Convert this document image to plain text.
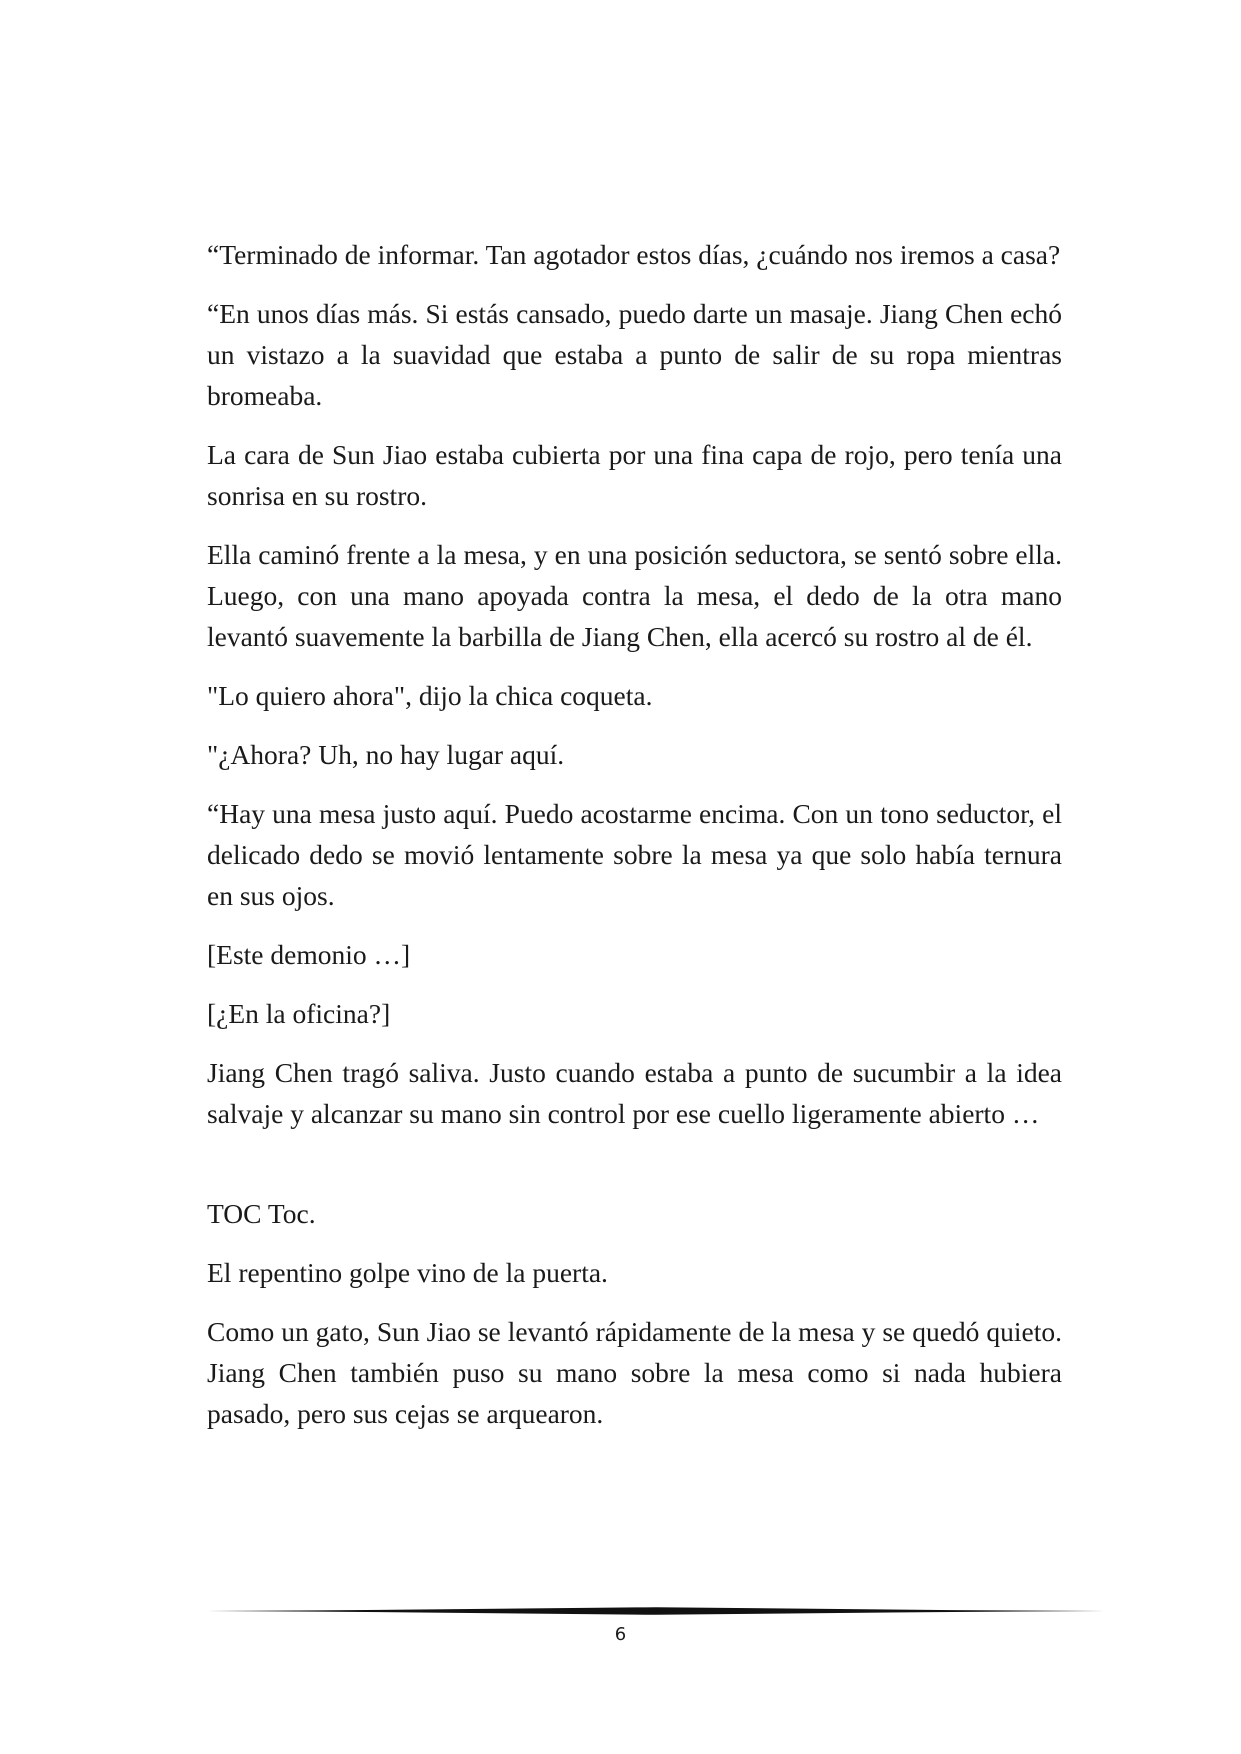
“Terminado de informar. Tan agotador estos días, ¿cuándo nos iremos a casa?

“En unos días más. Si estás cansado, puedo darte un masaje. Jiang Chen echó un vistazo a la suavidad que estaba a punto de salir de su ropa mientras bromeaba.

La cara de Sun Jiao estaba cubierta por una fina capa de rojo, pero tenía una sonrisa en su rostro.

Ella caminó frente a la mesa, y en una posición seductora, se sentó sobre ella. Luego, con una mano apoyada contra la mesa, el dedo de la otra mano levantó suavemente la barbilla de Jiang Chen, ella acercó su rostro al de él.

"Lo quiero ahora", dijo la chica coqueta.

"¿Ahora? Uh, no hay lugar aquí.

“Hay una mesa justo aquí. Puedo acostarme encima. Con un tono seductor, el delicado dedo se movió lentamente sobre la mesa ya que solo había ternura en sus ojos.

[Este demonio …]

[¿En la oficina?]

Jiang Chen tragó saliva. Justo cuando estaba a punto de sucumbir a la idea salvaje y alcanzar su mano sin control por ese cuello ligeramente abierto …

TOC Toc.

El repentino golpe vino de la puerta.

Como un gato, Sun Jiao se levantó rápidamente de la mesa y se quedó quieto. Jiang Chen también puso su mano sobre la mesa como si nada hubiera pasado, pero sus cejas se arquearon.

6
